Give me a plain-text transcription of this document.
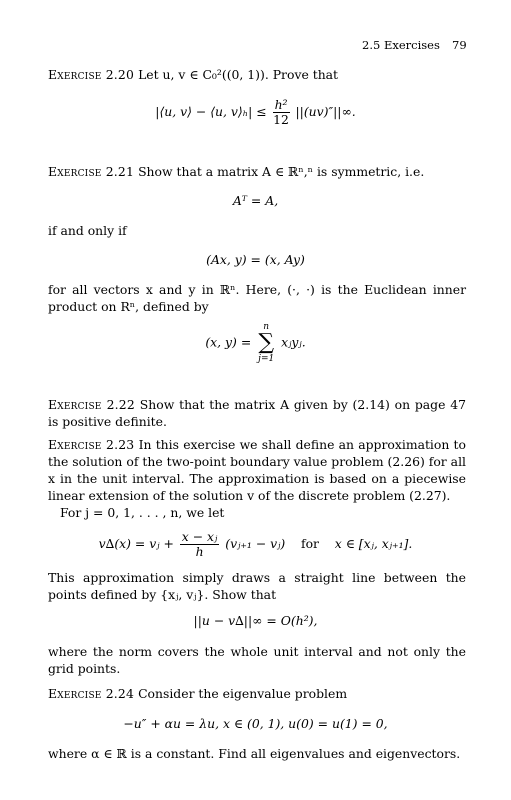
2.5 Exercises 79
Exercise 2.20 Let u, v ∈ C₀²((0, 1)). Prove that
|⟨u, v⟩ − ⟨u, v⟩ₕ| ≤ $\frac{\text{h²}}{12} ||(uv)''||\infty$.
Exercise 2.21 Show that a matrix A ∈ ℝⁿ,ⁿ is symmetric, i.e.
Aᵀ = A,
if and only if
(Ax, y) = (x, Ay)
for all vectors x and y in ℝⁿ. Here, (·, ·) is the Euclidean inner product on Rⁿ, defined by
(x, y) =
n
∑
j=1
xⱼyⱼ.
Exercise 2.22 Show that the matrix A given by (2.14) on page 47 is positive definite.
Exercise 2.23 In this exercise we shall define an approximation to the solution of the two-point boundary value problem (2.26) for all x in the unit interval. The approximation is based on a piecewise linear extension of the solution v of the discrete problem (2.27).
For j = 0, 1, . . . , n, we let
v∆(x) = vⱼ + $\frac{\text{x − xⱼ}}{h}$ (vⱼ₊₁ − vⱼ) for x ∈ [xⱼ, xⱼ₊₁].
This approximation simply draws a straight line between the points defined by {xⱼ, vⱼ}. Show that
||u − v∆||∞ = O(h²),
where the norm covers the whole unit interval and not only the grid points.
Exercise 2.24 Consider the eigenvalue problem
−u″ + αu = λu, x ∈ (0, 1), u(0) = u(1) = 0,
where α ∈ ℝ is a constant. Find all eigenvalues and eigenvectors.
